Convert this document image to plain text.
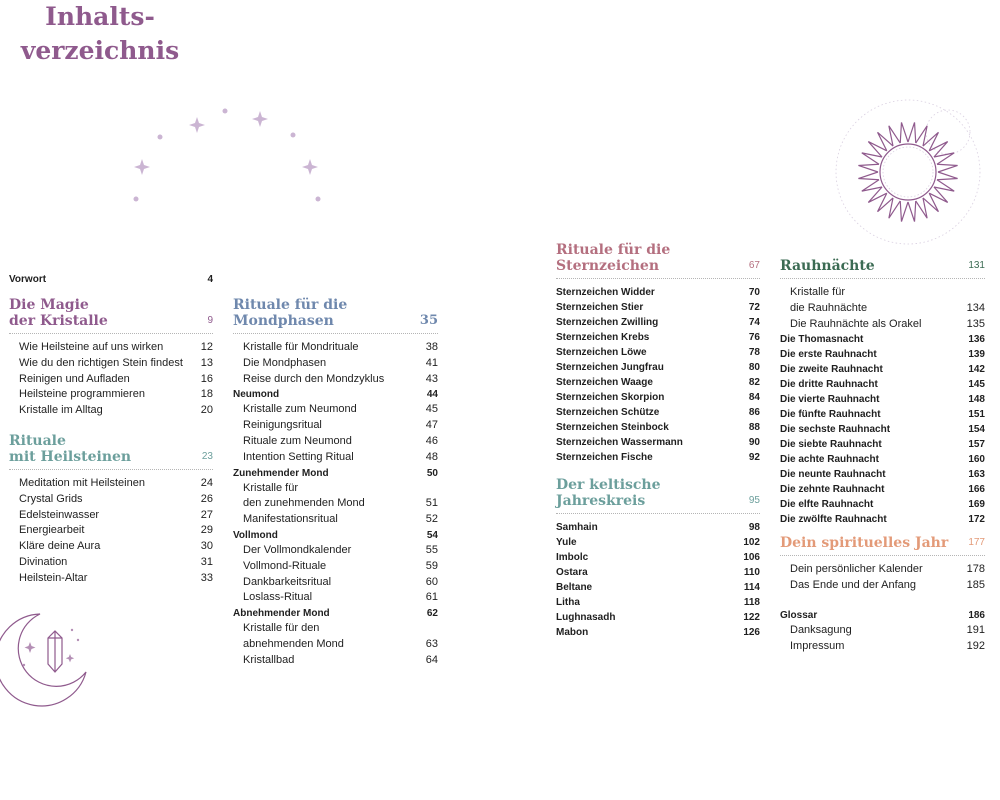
Inhalts-
verzeichnis
Vorwort	4
Die Magie
der Kristalle	9
Wie Heilsteine auf uns wirken	12
Wie du den richtigen Stein findest 13
Reinigen und Aufladen	16
Heilsteine programmieren	18
Kristalle im Alltag	20
Rituale
mit Heilsteinen	23
Meditation mit Heilsteinen	24
Crystal Grids	26
Edelsteinwasser	27
Energiearbeit	29
Kläre deine Aura	30
Divination	31
Heilstein-Altar	33
Rituale für die
Mondphasen	35
Kristalle für Mondrituale	38
Die Mondphasen	41
Reise durch den Mondzyklus	43
Neumond	44
Kristalle zum Neumond	45
Reinigungsritual	47
Rituale zum Neumond	46
Intention Setting Ritual	48
Zunehmender Mond	50
Kristalle für
den zunehmenden Mond	51
Manifestationsritual	52
Vollmond	54
Der Vollmondkalender	55
Vollmond-Rituale	59
Dankbarkeitsritual	60
Loslass-Ritual	61
Abnehmender Mond	62
Kristalle für den
abnehmenden Mond	63
Kristallbad	64
Rituale für die
Sternzeichen	67
Sternzeichen Widder	70
Sternzeichen Stier	72
Sternzeichen Zwilling	74
Sternzeichen Krebs	76
Sternzeichen Löwe	78
Sternzeichen Jungfrau	80
Sternzeichen Waage	82
Sternzeichen Skorpion	84
Sternzeichen Schütze	86
Sternzeichen Steinbock	88
Sternzeichen Wassermann	90
Sternzeichen Fische	92
Der keltische
Jahreskreis	95
Samhain	98
Yule	102
Imbolc	106
Ostara	110
Beltane	114
Litha	118
Lughnasadh	122
Mabon	126
Rauhnächte	131
Kristalle für
die Rauhnächte	134
Die Rauhnächte als Orakel	135
Die Thomasnacht	136
Die erste Rauhnacht	139
Die zweite Rauhnacht	142
Die dritte Rauhnacht	145
Die vierte Rauhnacht	148
Die fünfte Rauhnacht	151
Die sechste Rauhnacht	154
Die siebte Rauhnacht	157
Die achte Rauhnacht	160
Die neunte Rauhnacht	163
Die zehnte Rauhnacht	166
Die elfte Rauhnacht	169
Die zwölfte Rauhnacht	172
Dein spirituelles Jahr	177
Dein persönlicher Kalender	178
Das Ende und der Anfang	185
Glossar	186
Danksagung	191
Impressum	192
